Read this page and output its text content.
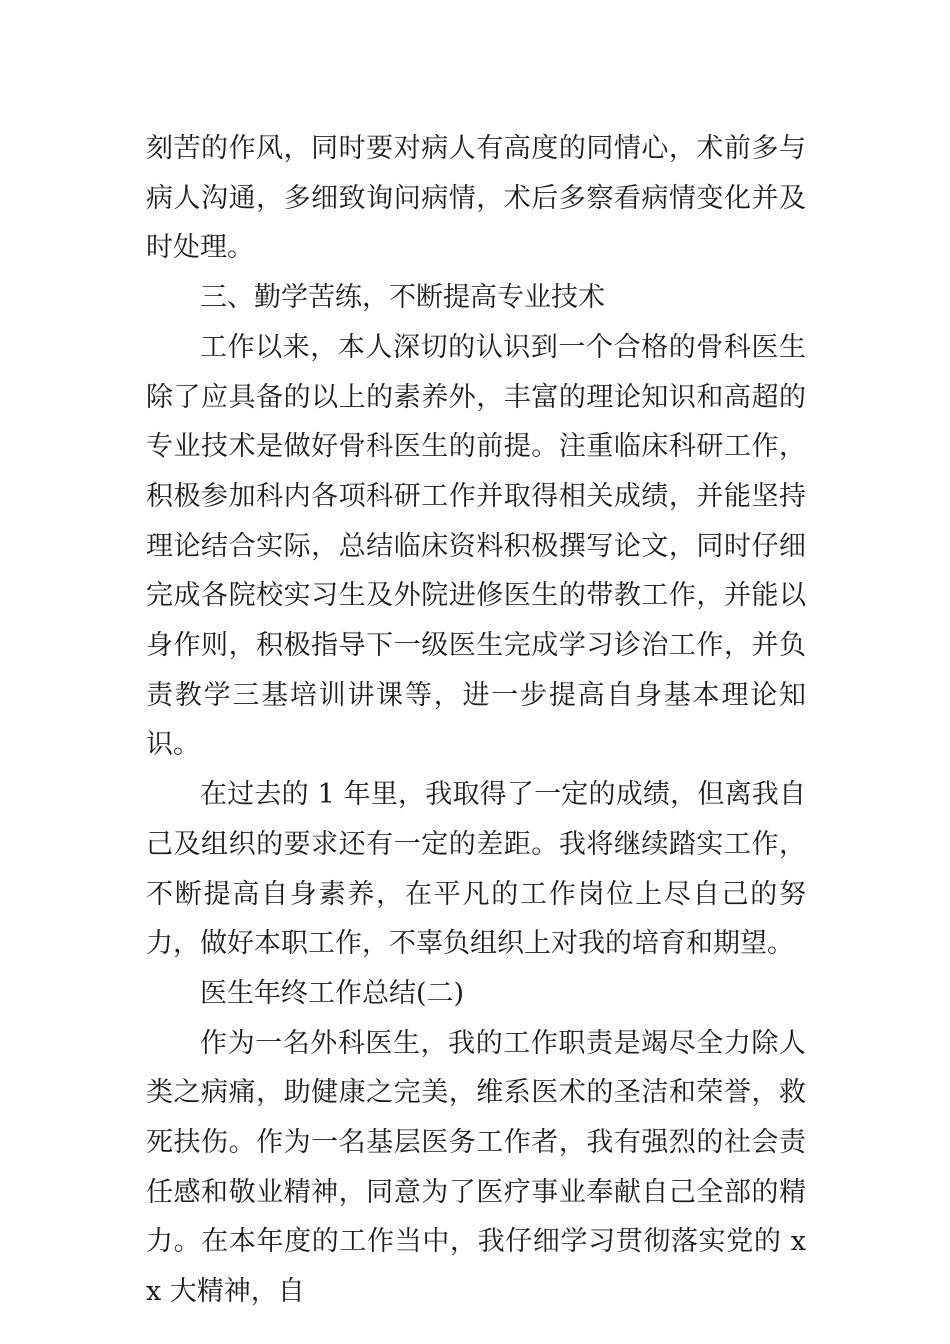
刻苦的作风，同时要对病人有高度的同情心，术前多与病人沟通，多细致询问病情，术后多察看病情变化并及时处理。

三、勤学苦练，不断提高专业技术

工作以来，本人深切的认识到一个合格的骨科医生除了应具备的以上的素养外，丰富的理论知识和高超的专业技术是做好骨科医生的前提。注重临床科研工作，积极参加科内各项科研工作并取得相关成绩，并能坚持理论结合实际，总结临床资料积极撰写论文，同时仔细完成各院校实习生及外院进修医生的带教工作，并能以身作则，积极指导下一级医生完成学习诊治工作，并负责教学三基培训讲课等，进一步提高自身基本理论知识。

在过去的 1 年里，我取得了一定的成绩，但离我自己及组织的要求还有一定的差距。我将继续踏实工作，不断提高自身素养，在平凡的工作岗位上尽自己的努力，做好本职工作，不辜负组织上对我的培育和期望。

医生年终工作总结(二)

作为一名外科医生，我的工作职责是竭尽全力除人类之病痛，助健康之完美，维系医术的圣洁和荣誉，救死扶伤。作为一名基层医务工作者，我有强烈的社会责任感和敬业精神，同意为了医疗事业奉献自己全部的精力。在本年度的工作当中，我仔细学习贯彻落实党的 xx 大精神，自
